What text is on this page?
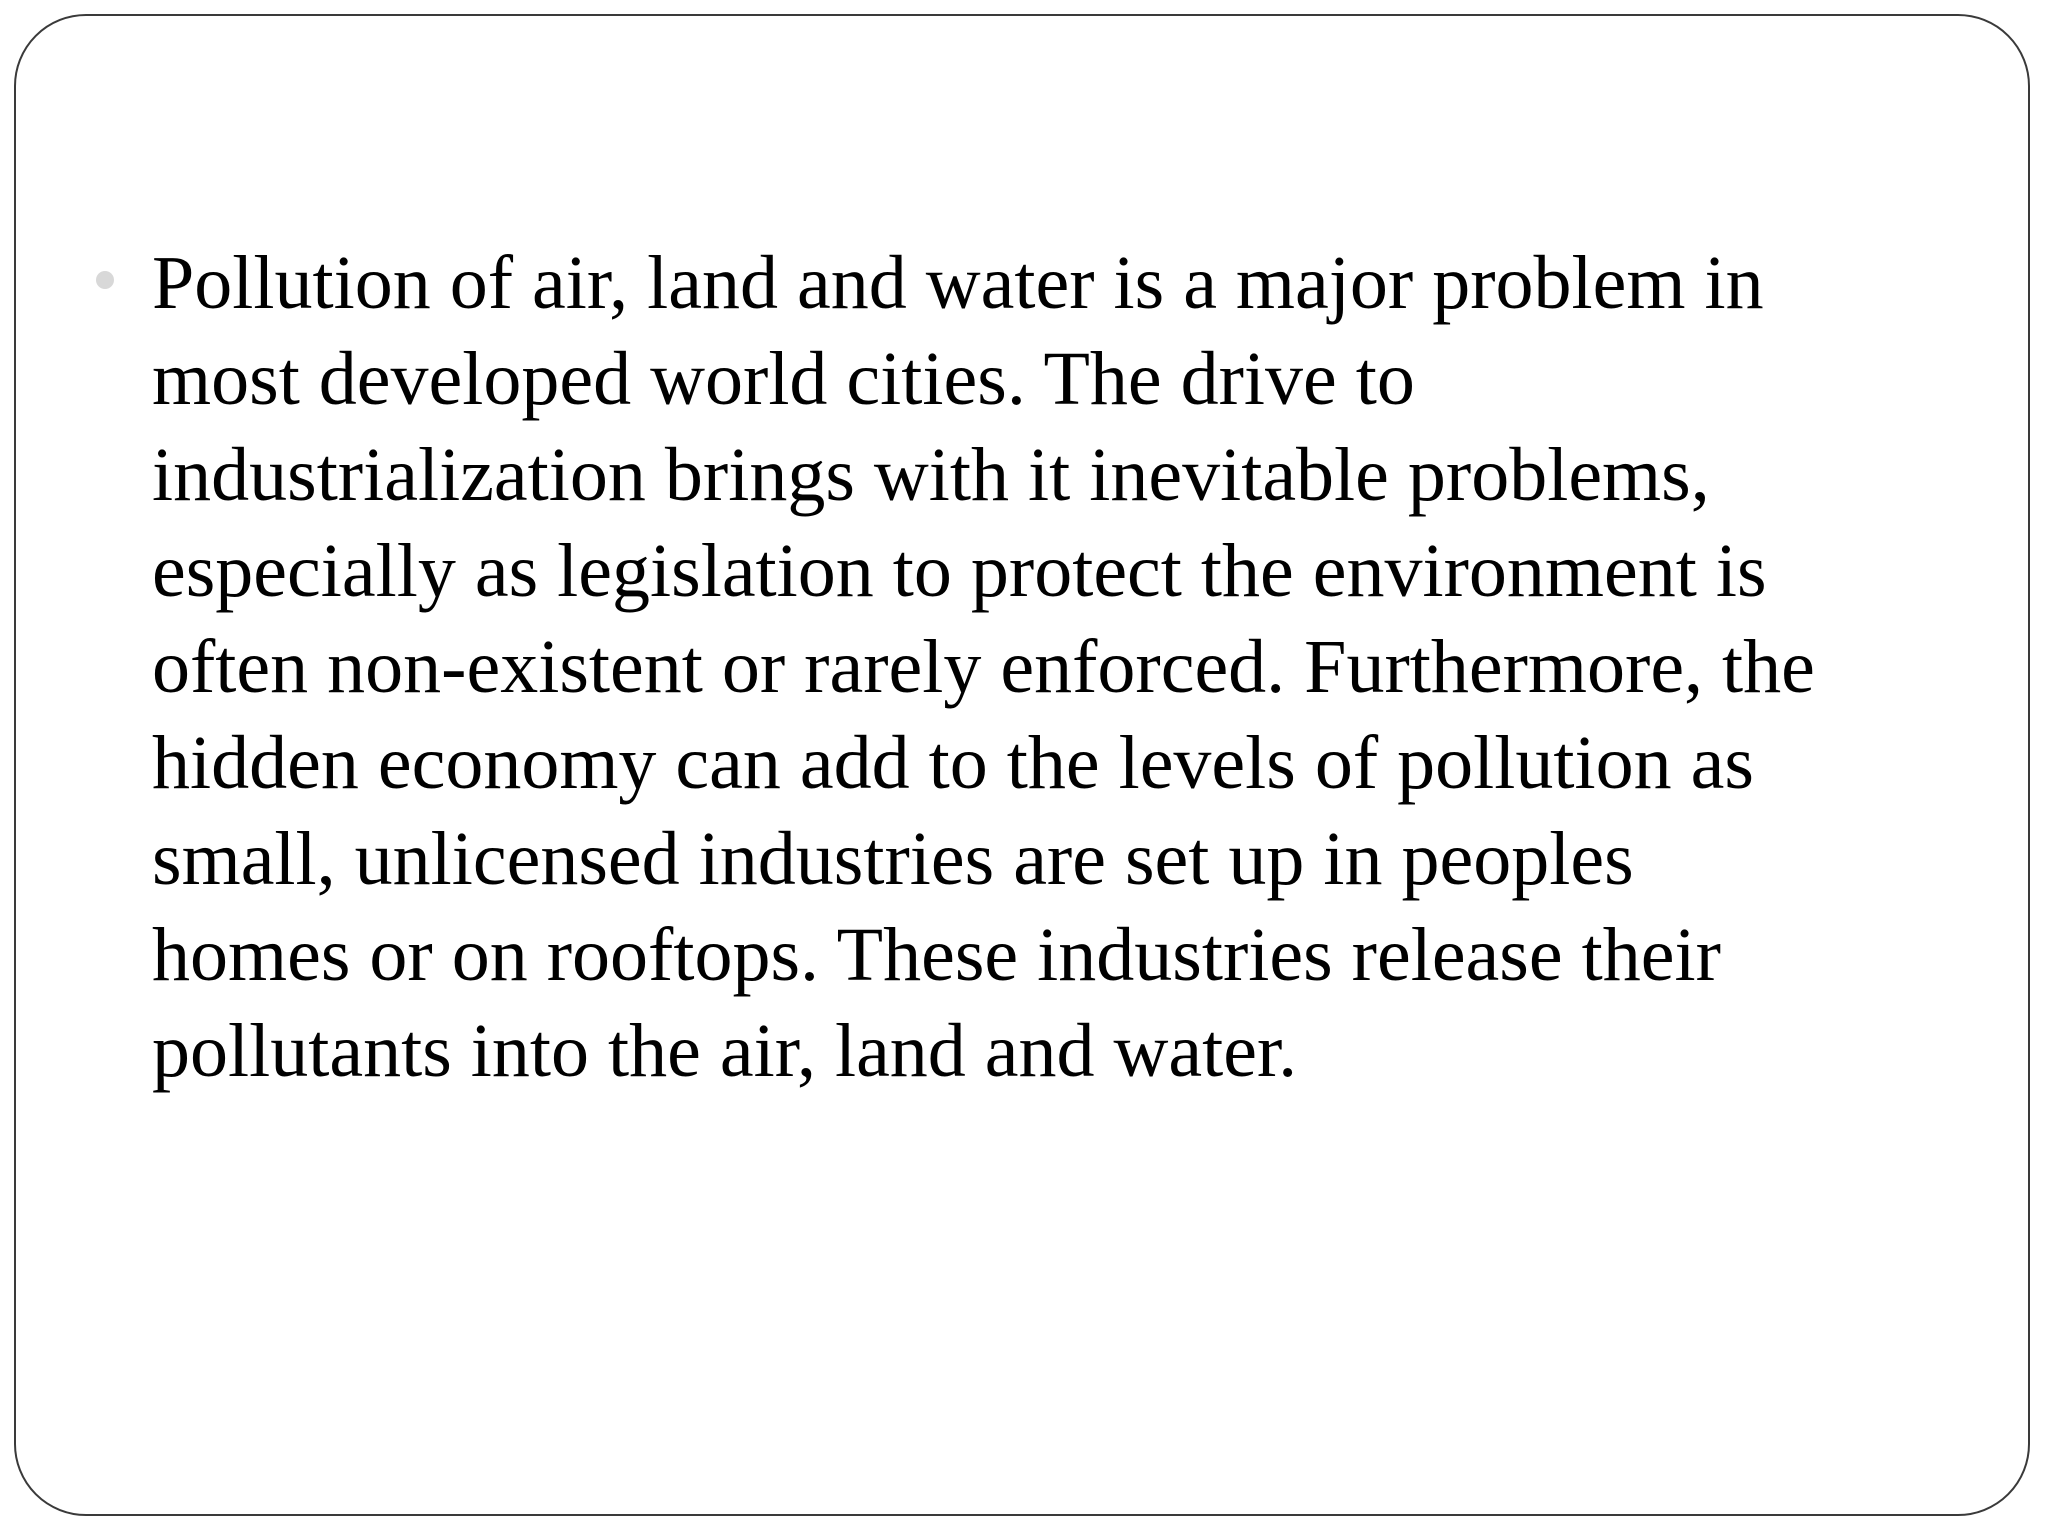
Pollution of air, land and water is a major problem in
most developed world cities. The drive to
industrialization brings with it inevitable problems,
especially as legislation to protect the environment is
often non-existent or rarely enforced. Furthermore, the
hidden economy can add to the levels of pollution as
small, unlicensed industries are set up in peoples
homes or on rooftops. These industries release their
pollutants into the air, land and water.
